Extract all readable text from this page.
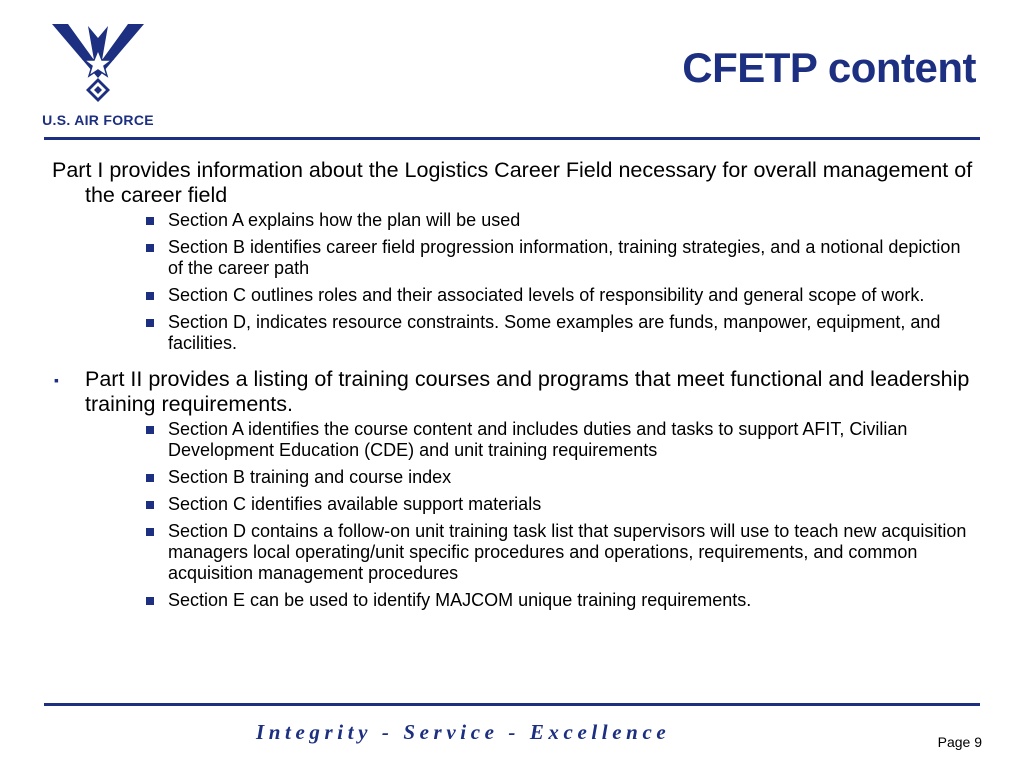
U.S. AIR FORCE
CFETP content
Part I provides information about the Logistics Career Field necessary for overall management of the career field
Section A explains how the plan will be used
Section B identifies career field progression information, training strategies, and a notional depiction of the career path
Section C outlines roles and their associated levels of responsibility and general scope of work.
Section D, indicates resource constraints. Some examples are funds, manpower, equipment, and facilities.
▪ Part II provides a listing of training courses and programs that meet functional and leadership training requirements.
Section A identifies the course content and includes duties and tasks to support AFIT, Civilian Development Education (CDE) and unit training requirements
Section B training and course index
Section C identifies available support materials
Section D contains a follow-on unit training task list that supervisors will use to teach new acquisition managers local operating/unit specific procedures and operations, requirements, and common acquisition management procedures
Section E can be used to identify MAJCOM unique training requirements.
Integrity - Service - Excellence	Page 9
